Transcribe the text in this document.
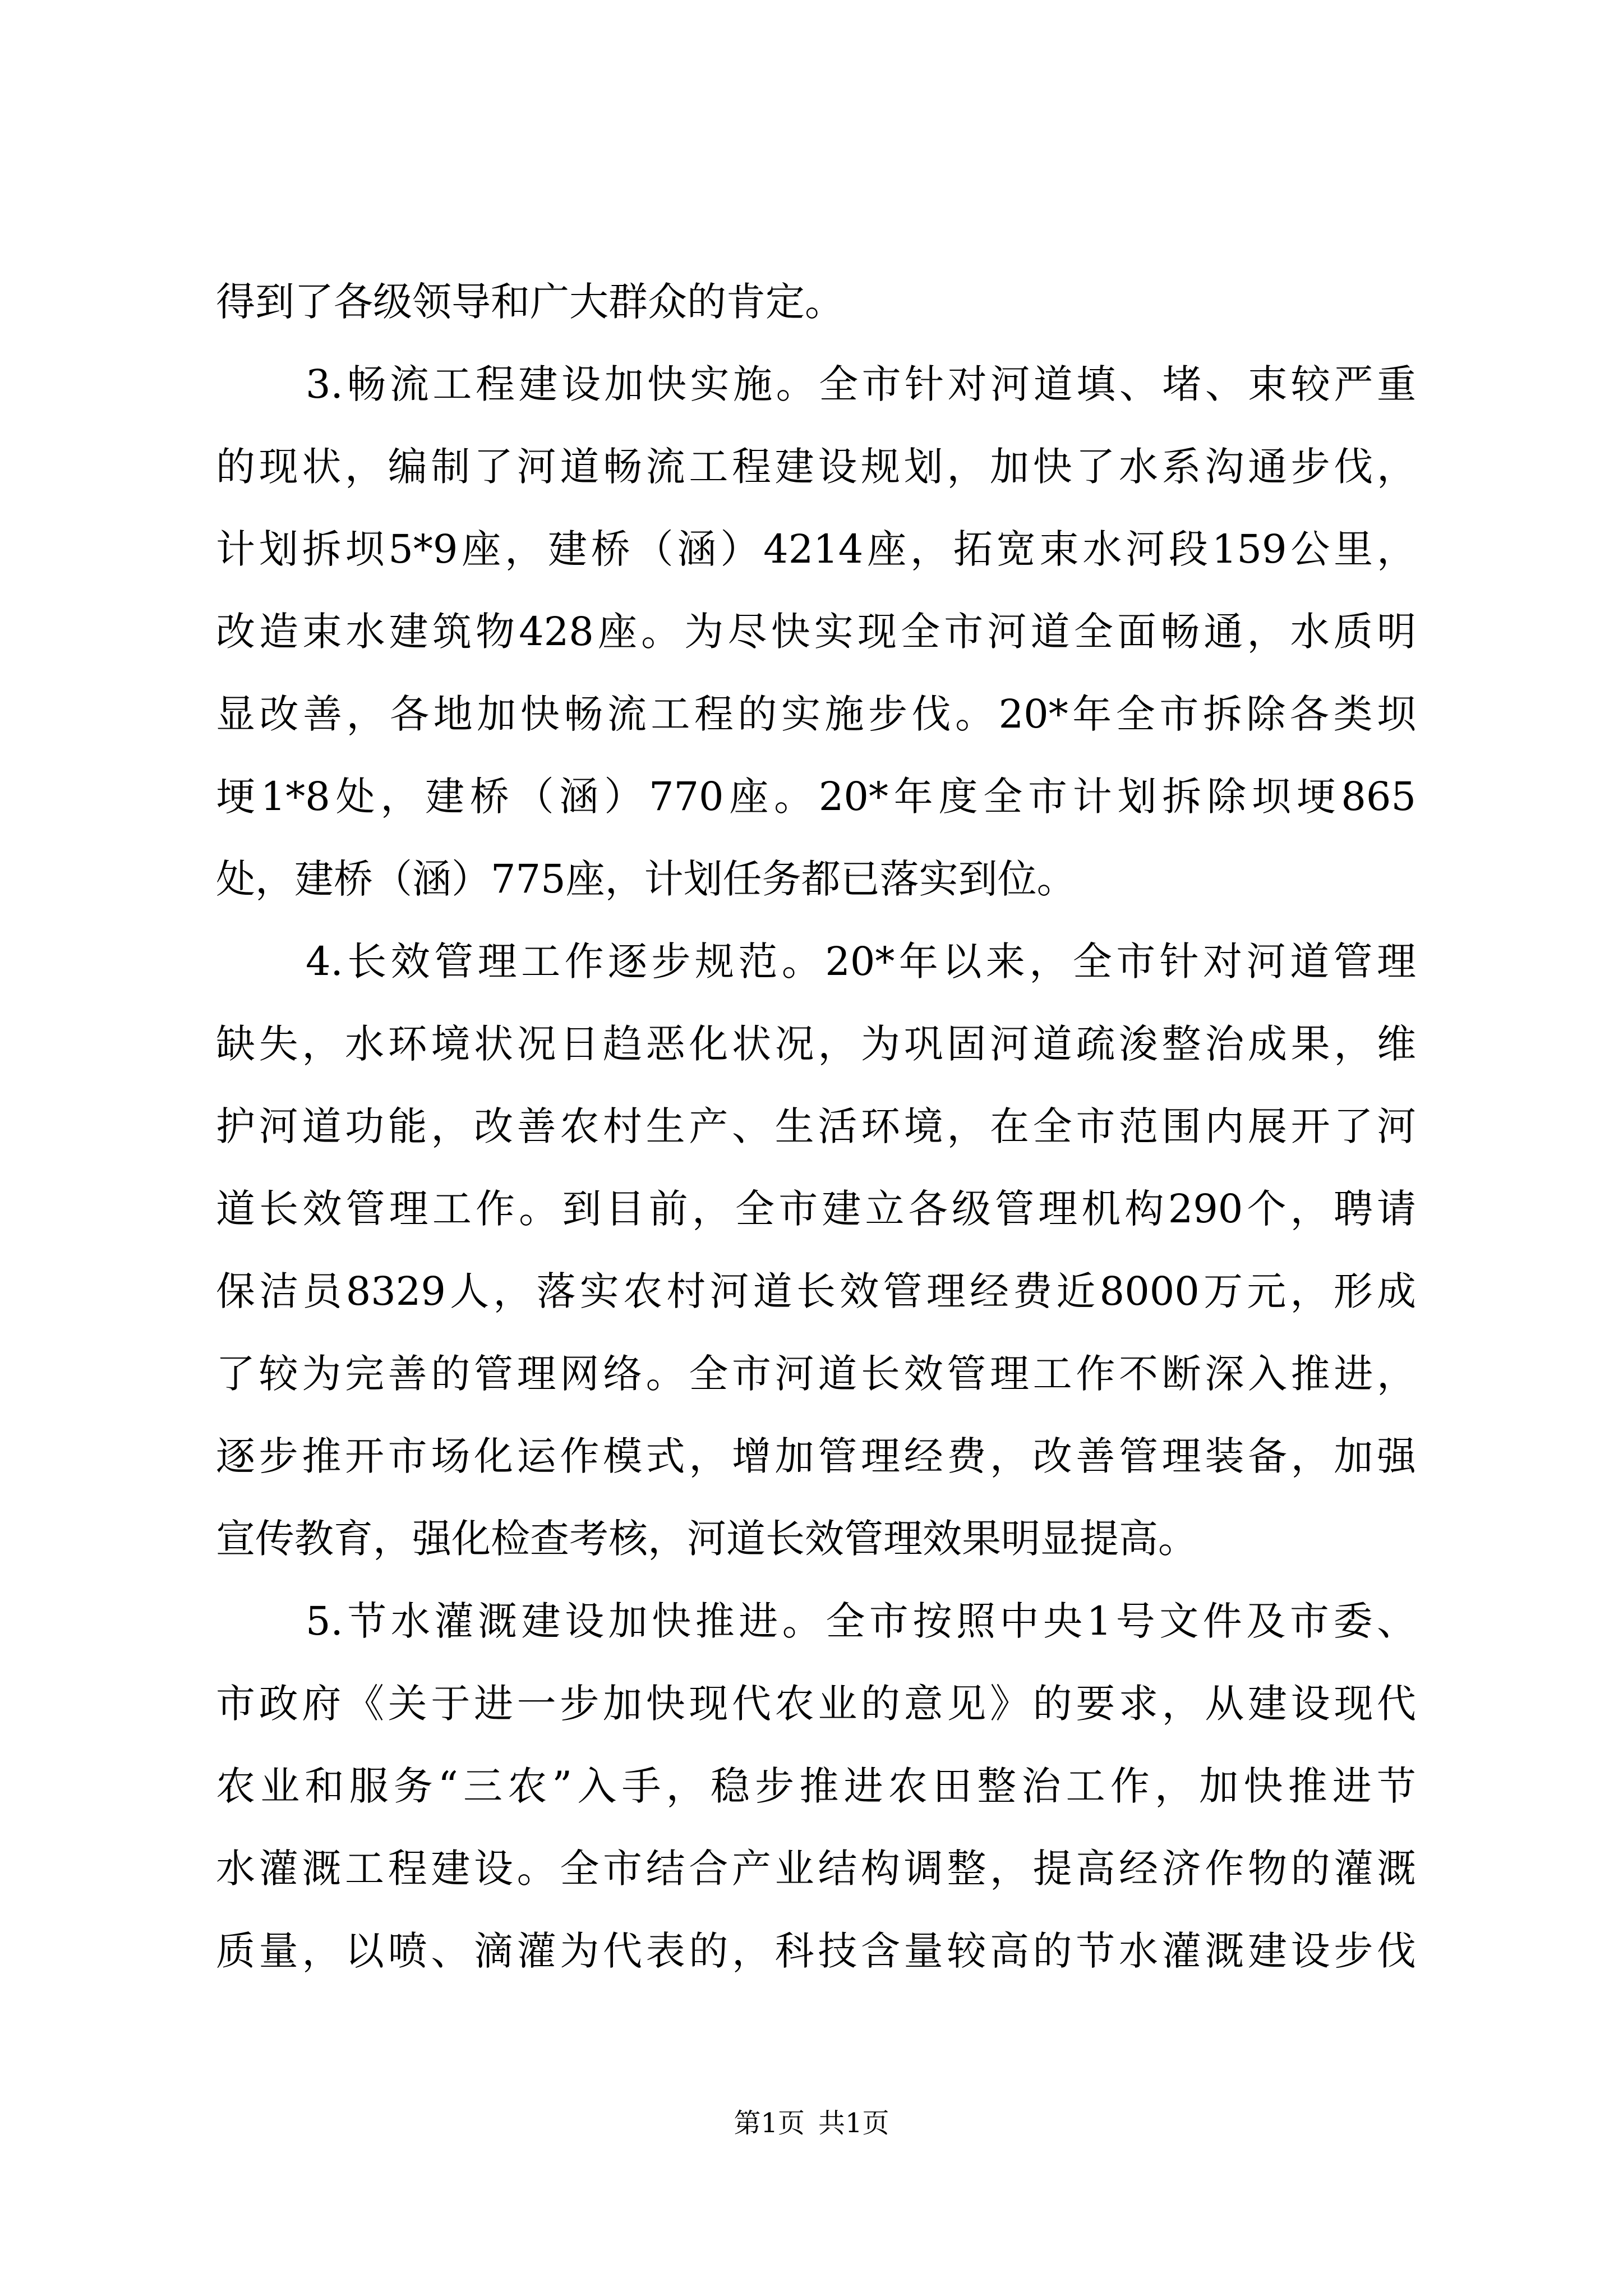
得到了各级领导和广大群众的肯定。
3.畅流工程建设加快实施。全市针对河道填、堵、束较严重
的现状，编制了河道畅流工程建设规划，加快了水系沟通步伐，
计划拆坝5*9座，建桥（涵）4214座，拓宽束水河段159公里，
改造束水建筑物428座。为尽快实现全市河道全面畅通，水质明
显改善，各地加快畅流工程的实施步伐。20*年全市拆除各类坝
埂1*8处，建桥（涵）770座。20*年度全市计划拆除坝埂865
处，建桥（涵）775座，计划任务都已落实到位。
4.长效管理工作逐步规范。20*年以来，全市针对河道管理
缺失，水环境状况日趋恶化状况，为巩固河道疏浚整治成果，维
护河道功能，改善农村生产、生活环境，在全市范围内展开了河
道长效管理工作。到目前，全市建立各级管理机构290个，聘请
保洁员8329人，落实农村河道长效管理经费近8000万元，形成
了较为完善的管理网络。全市河道长效管理工作不断深入推进，
逐步推开市场化运作模式，增加管理经费，改善管理装备，加强
宣传教育，强化检查考核，河道长效管理效果明显提高。
5.节水灌溉建设加快推进。全市按照中央1号文件及市委、
市政府《关于进一步加快现代农业的意见》的要求，从建设现代
农业和服务“三农”入手，稳步推进农田整治工作，加快推进节
水灌溉工程建设。全市结合产业结构调整，提高经济作物的灌溉
质量，以喷、滴灌为代表的，科技含量较高的节水灌溉建设步伐
第1页 共1页
